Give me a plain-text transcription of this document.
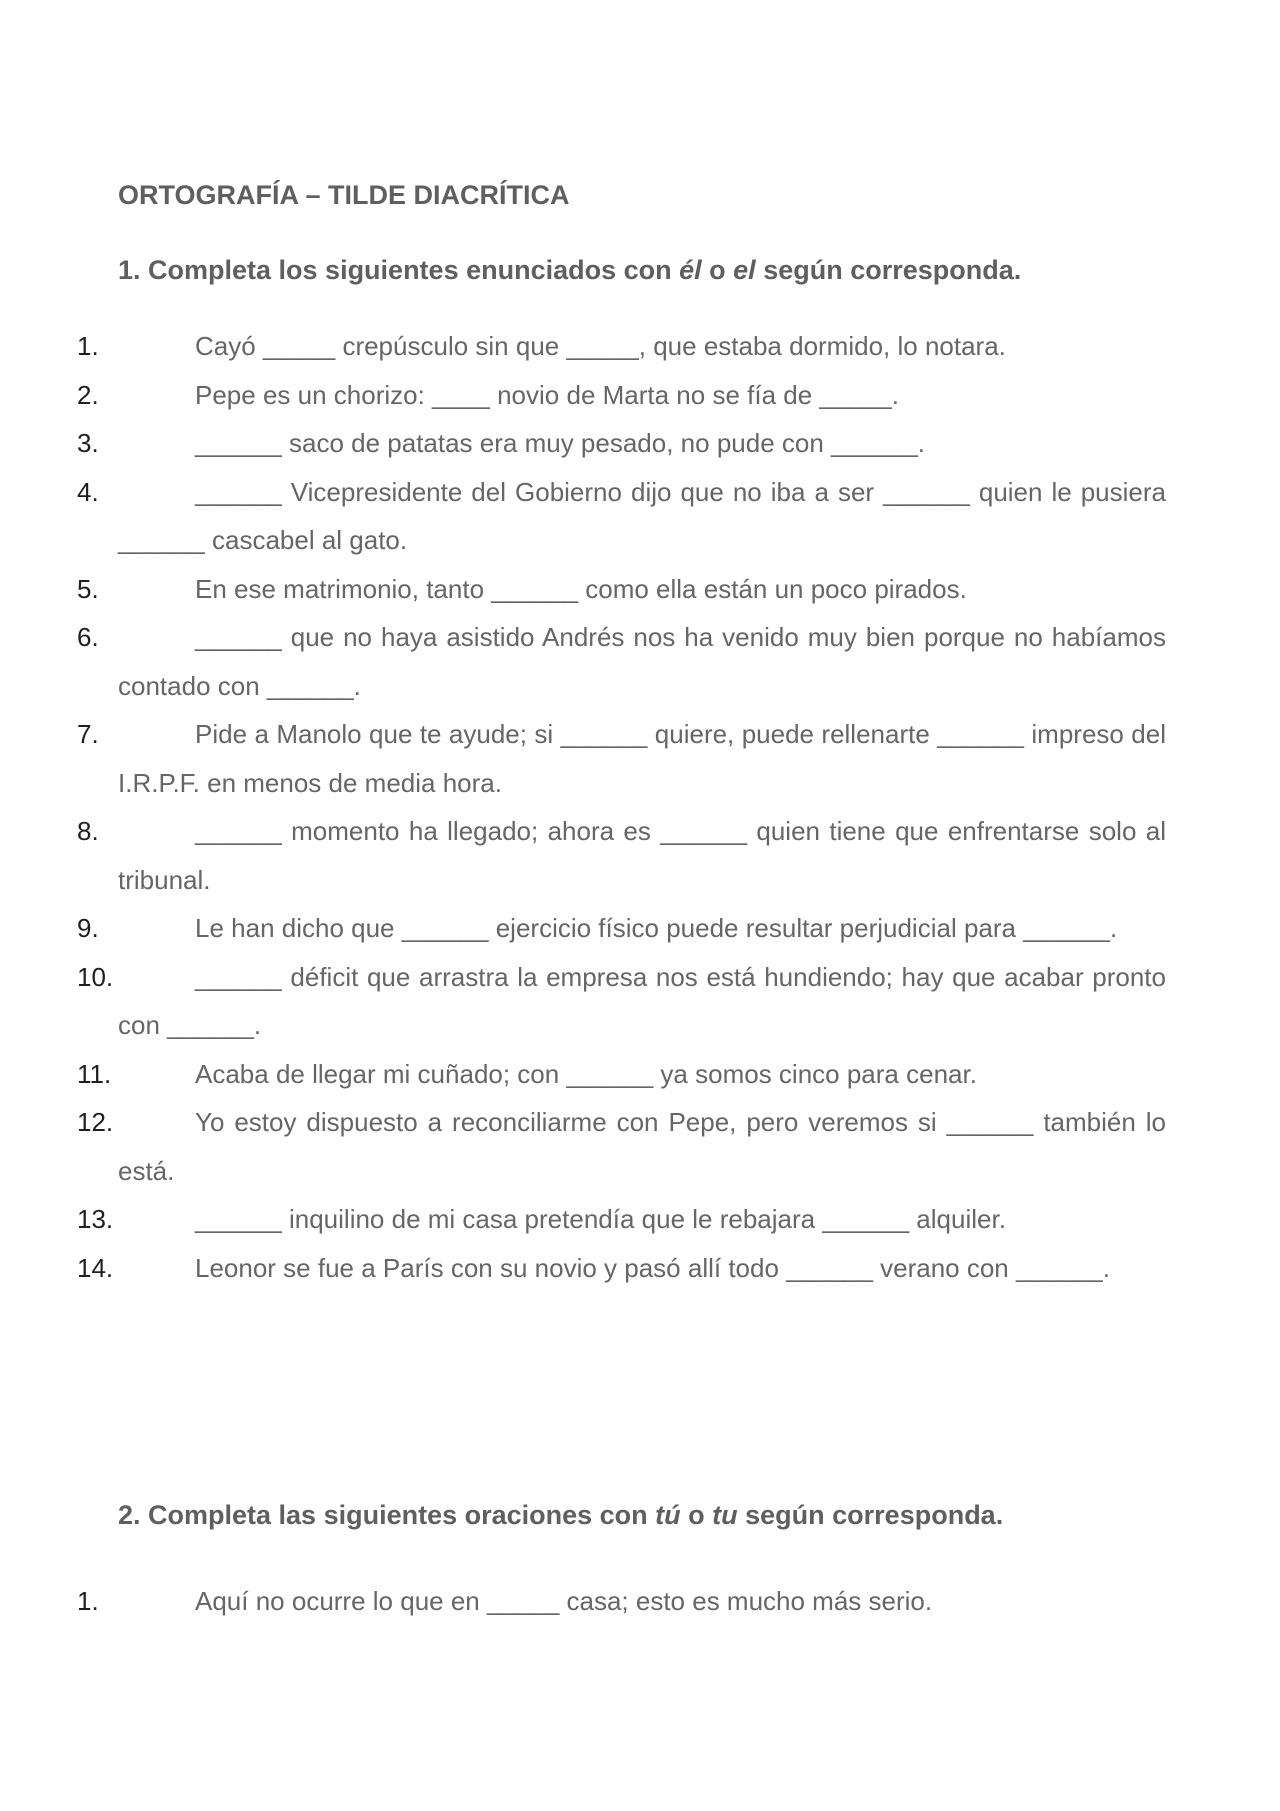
ORTOGRAFÍA – TILDE DIACRÍTICA
1. Completa los siguientes enunciados con él o el según corresponda.
1.	Cayó _____ crepúsculo sin que _____, que estaba dormido, lo notara.
2.	Pepe es un chorizo: ____ novio de Marta no se fía de _____.
3.	______ saco de patatas era muy pesado, no pude con ______.
4.	______ Vicepresidente del Gobierno dijo que no iba a ser ______ quien le pusiera ______ cascabel al gato.
5.	En ese matrimonio, tanto ______ como ella están un poco pirados.
6.	______ que no haya asistido Andrés nos ha venido muy bien porque no habíamos contado con ______.
7.	Pide a Manolo que te ayude; si ______ quiere, puede rellenarte ______ impreso del I.R.P.F. en menos de media hora.
8.	______ momento ha llegado; ahora es ______ quien tiene que enfrentarse solo al tribunal.
9.	Le han dicho que ______ ejercicio físico puede resultar perjudicial para ______.
10.	______ déficit que arrastra la empresa nos está hundiendo; hay que acabar pronto con ______.
11.	Acaba de llegar mi cuñado; con ______ ya somos cinco para cenar.
12.	Yo estoy dispuesto a reconciliarme con Pepe, pero veremos si ______ también lo está.
13.	______ inquilino de mi casa pretendía que le rebajara ______ alquiler.
14.	Leonor se fue a París con su novio y pasó allí todo ______ verano con ______.
2. Completa las siguientes oraciones con tú o tu según corresponda.
1.	Aquí no ocurre lo que en _____ casa; esto es mucho más serio.
